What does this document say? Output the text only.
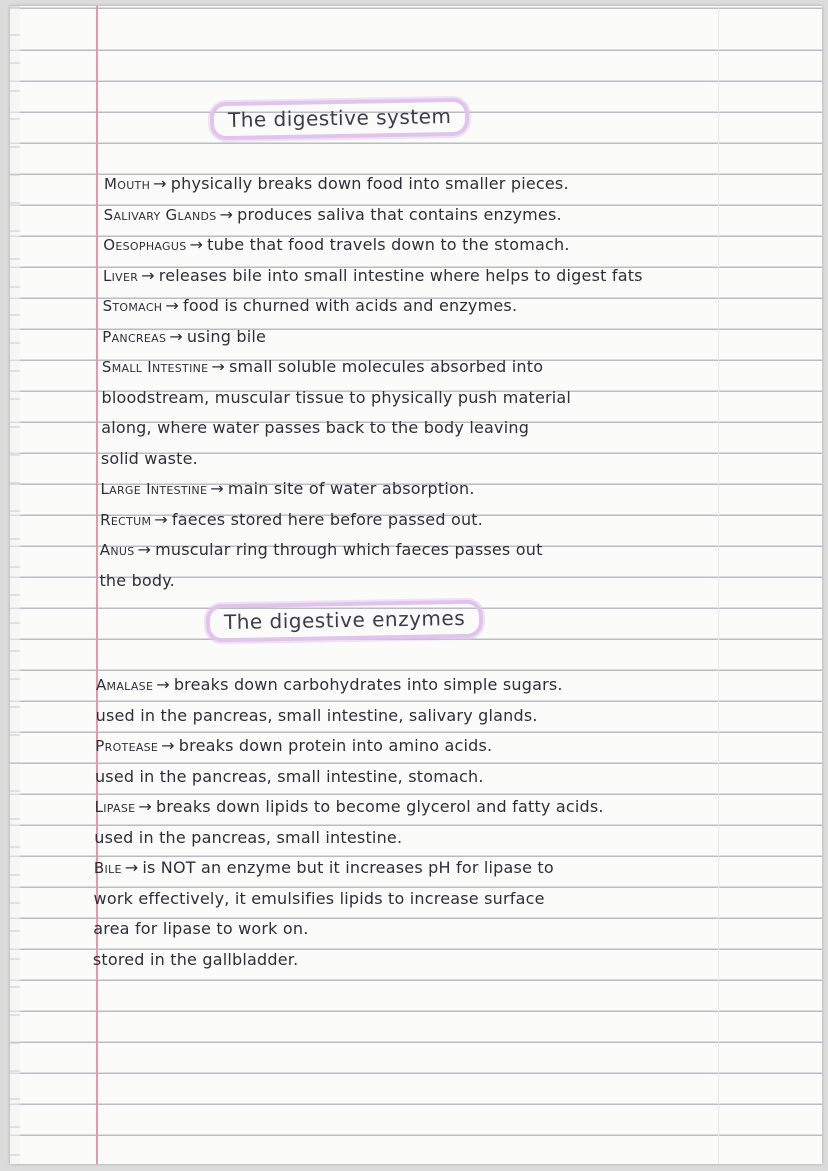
The digestive system
Mouth → physically breaks down food into smaller pieces.
Salivary Glands → produces saliva that contains enzymes.
Oesophagus → tube that food travels down to the stomach.
Liver → releases bile into small intestine where helps to digest fats
Stomach → food is churned with acids and enzymes.
Pancreas → using bile
Small Intestine → small soluble molecules absorbed into
bloodstream, muscular tissue to physically push material
along, where water passes back to the body leaving
solid waste.
Large Intestine → main site of water absorption.
Rectum → faeces stored here before passed out.
Anus → muscular ring through which faeces passes out
the body.
The digestive enzymes
Amalase → breaks down carbohydrates into simple sugars.
used in the pancreas, small intestine, salivary glands.
Protease → breaks down protein into amino acids.
used in the pancreas, small intestine, stomach.
Lipase → breaks down lipids to become glycerol and fatty acids.
used in the pancreas, small intestine.
Bile → is NOT an enzyme but it increases pH for lipase to
work effectively, it emulsifies lipids to increase surface
area for lipase to work on.
stored in the gallbladder.
